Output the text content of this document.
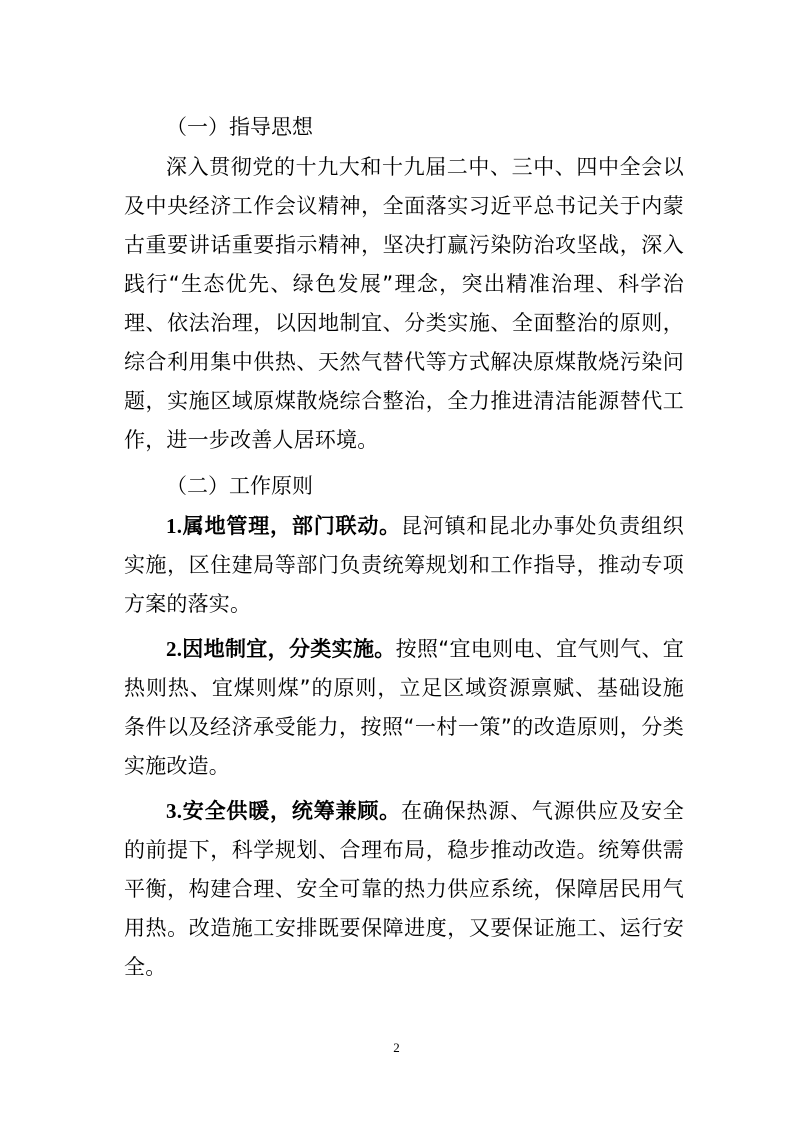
（一）指导思想

深入贯彻党的十九大和十九届二中、三中、四中全会以及中央经济工作会议精神，全面落实习近平总书记关于内蒙古重要讲话重要指示精神，坚决打赢污染防治攻坚战，深入践行“生态优先、绿色发展”理念，突出精准治理、科学治理、依法治理，以因地制宜、分类实施、全面整治的原则，综合利用集中供热、天然气替代等方式解决原煤散烧污染问题，实施区域原煤散烧综合整治，全力推进清洁能源替代工作，进一步改善人居环境。

（二）工作原则

1.属地管理，部门联动。昆河镇和昆北办事处负责组织实施，区住建局等部门负责统筹规划和工作指导，推动专项方案的落实。

2.因地制宜，分类实施。按照“宜电则电、宜气则气、宜热则热、宜煤则煤”的原则，立足区域资源禀赋、基础设施条件以及经济承受能力，按照“一村一策”的改造原则，分类实施改造。

3.安全供暖，统筹兼顾。在确保热源、气源供应及安全的前提下，科学规划、合理布局，稳步推动改造。统筹供需平衡，构建合理、安全可靠的热力供应系统，保障居民用气用热。改造施工安排既要保障进度，又要保证施工、运行安全。

2
